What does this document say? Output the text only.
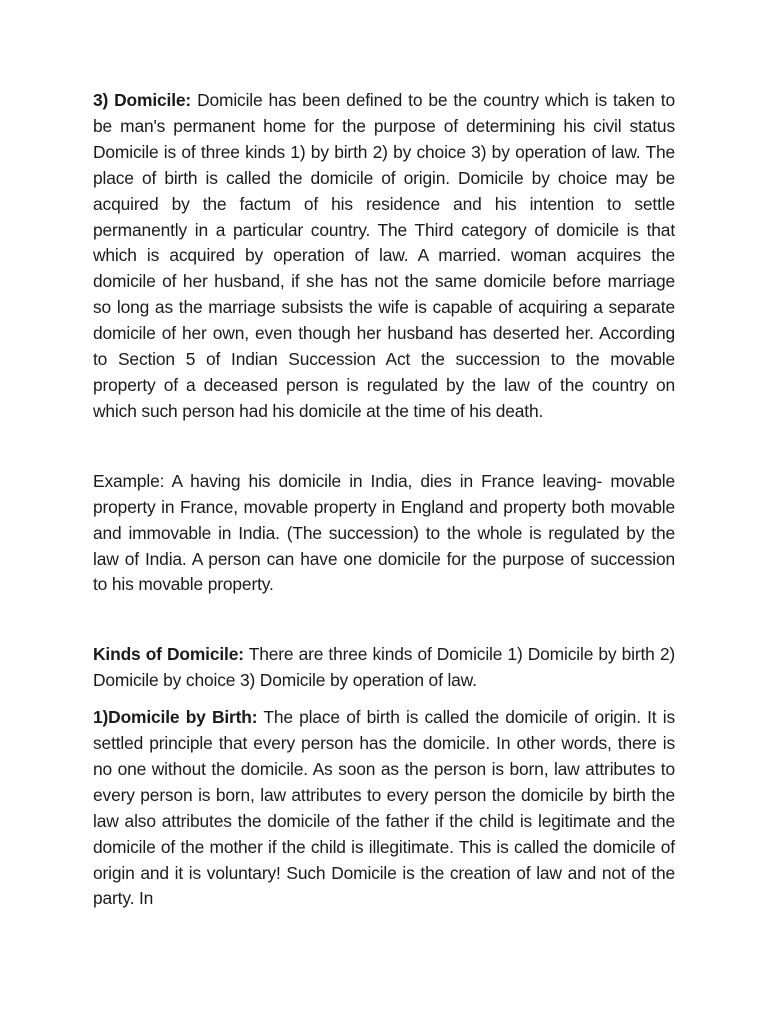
3) Domicile: Domicile has been defined to be the country which is taken to be man's permanent home for the purpose of determining his civil status Domicile is of three kinds 1) by birth 2) by choice 3) by operation of law. The place of birth is called the domicile of origin. Domicile by choice may be acquired by the factum of his residence and his intention to settle permanently in a particular country. The Third category of domicile is that which is acquired by operation of law. A married. woman acquires the domicile of her husband, if she has not the same domicile before marriage so long as the marriage subsists the wife is capable of acquiring a separate domicile of her own, even though her husband has deserted her. According to Section 5 of Indian Succession Act the succession to the movable property of a deceased person is regulated by the law of the country on which such person had his domicile at the time of his death.

Example: A having his domicile in India, dies in France leaving- movable property in France, movable property in England and property both movable and immovable in India. (The succession) to the whole is regulated by the law of India. A person can have one domicile for the purpose of succession to his movable property.

Kinds of Domicile: There are three kinds of Domicile 1) Domicile by birth 2) Domicile by choice 3) Domicile by operation of law.

1)Domicile by Birth: The place of birth is called the domicile of origin. It is settled principle that every person has the domicile. In other words, there is no one without the domicile. As soon as the person is born, law attributes to every person is born, law attributes to every person the domicile by birth the law also attributes the domicile of the father if the child is legitimate and the domicile of the mother if the child is illegitimate. This is called the domicile of origin and it is voluntary! Such Domicile is the creation of law and not of the party. In
